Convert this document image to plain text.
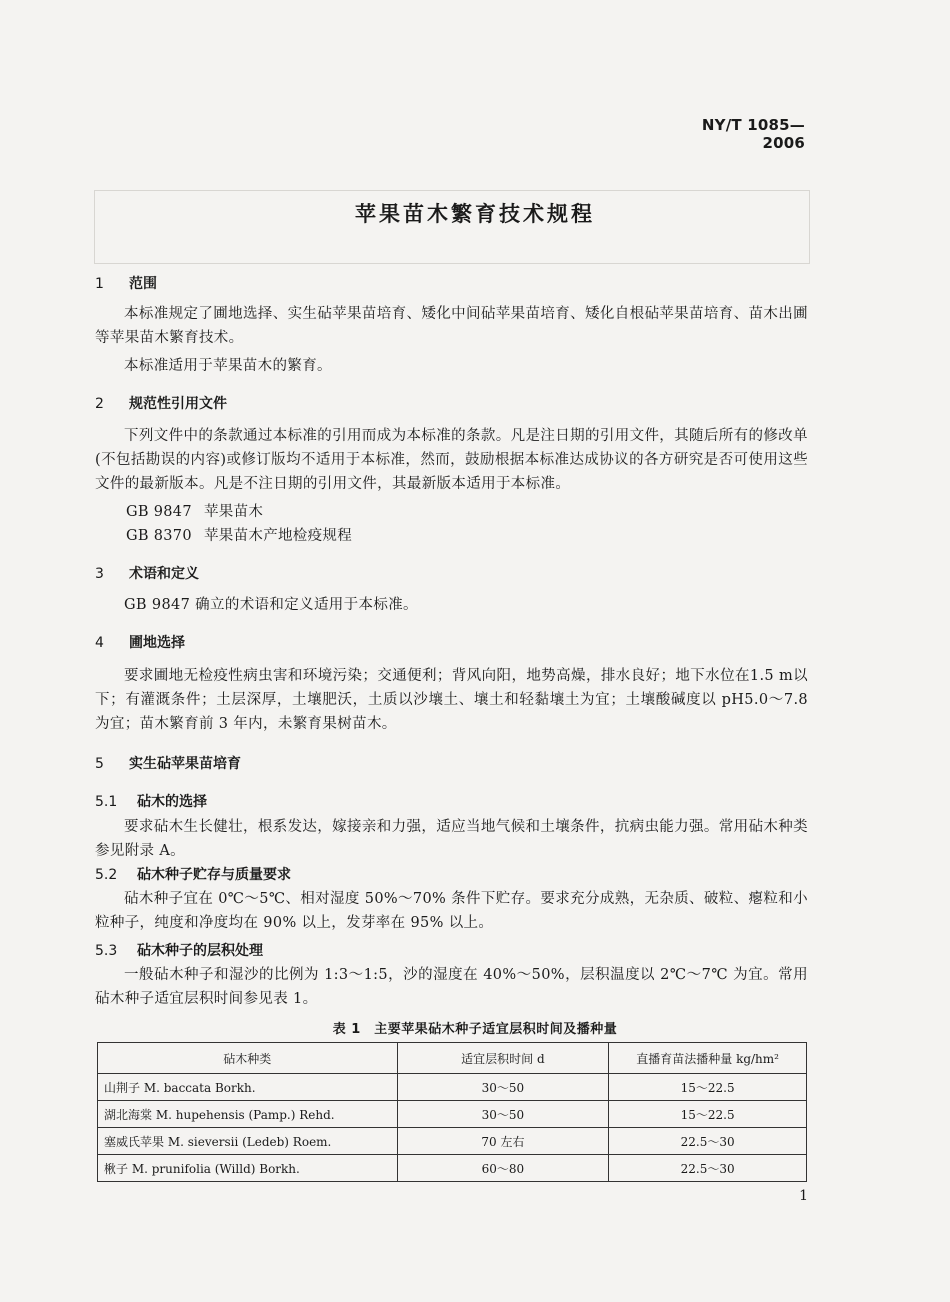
NY/T 1085—2006
苹果苗木繁育技术规程
1 范围
本标准规定了圃地选择、实生砧苹果苗培育、矮化中间砧苹果苗培育、矮化自根砧苹果苗培育、苗木出圃等苹果苗木繁育技术。
本标准适用于苹果苗木的繁育。
2 规范性引用文件
下列文件中的条款通过本标准的引用而成为本标准的条款。凡是注日期的引用文件，其随后所有的修改单(不包括勘误的内容)或修订版均不适用于本标准，然而，鼓励根据本标准达成协议的各方研究是否可使用这些文件的最新版本。凡是不注日期的引用文件，其最新版本适用于本标准。
GB 9847 苹果苗木
GB 8370 苹果苗木产地检疫规程
3 术语和定义
GB 9847 确立的术语和定义适用于本标准。
4 圃地选择
要求圃地无检疫性病虫害和环境污染；交通便利；背风向阳，地势高燥，排水良好；地下水位在1.5 m以下；有灌溉条件；土层深厚，土壤肥沃，土质以沙壤土、壤土和轻黏壤土为宜；土壤酸碱度以 pH5.0～7.8 为宜；苗木繁育前 3 年内，未繁育果树苗木。
5 实生砧苹果苗培育
5.1 砧木的选择
要求砧木生长健壮，根系发达，嫁接亲和力强，适应当地气候和土壤条件，抗病虫能力强。常用砧木种类参见附录 A。
5.2 砧木种子贮存与质量要求
砧木种子宜在 0℃～5℃、相对湿度 50%～70% 条件下贮存。要求充分成熟，无杂质、破粒、瘪粒和小粒种子，纯度和净度均在 90% 以上，发芽率在 95% 以上。
5.3 砧木种子的层积处理
一般砧木种子和湿沙的比例为 1:3～1:5，沙的湿度在 40%～50%，层积温度以 2℃～7℃ 为宜。常用砧木种子适宜层积时间参见表 1。
表 1　主要苹果砧木种子适宜层积时间及播种量
砧木种类	适宜层积时间 d	直播育苗法播种量 kg/hm²
山荆子 M. baccata Borkh.	30～50	15～22.5
湖北海棠 M. hupehensis (Pamp.) Rehd.	30～50	15～22.5
塞威氏苹果 M. sieversii (Ledeb) Roem.	70 左右	22.5～30
楸子 M. prunifolia (Willd) Borkh.	60～80	22.5～30
1
